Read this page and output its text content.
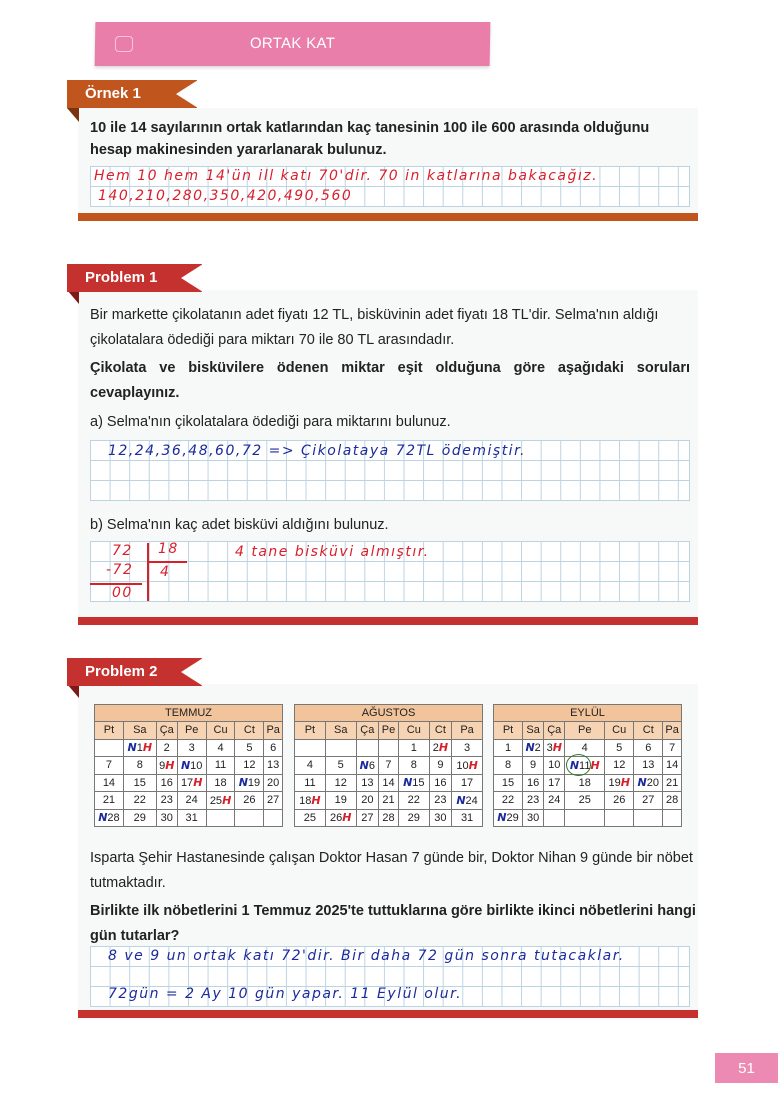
ORTAK KAT
Örnek 1
10 ile 14 sayılarının ortak katlarından kaç tanesinin 100 ile 600 arasında olduğunu hesap makinesinden yararlanarak bulunuz.
Hem 10 hem 14'ün ill katı 70'dir. 70 in katlarına bakacağız.
140,210,280,350,420,490,560
Problem 1
Bir markette çikolatanın adet fiyatı 12 TL, bisküvinin adet fiyatı 18 TL'dir. Selma'nın aldığı çikolatalara ödediği para miktarı 70 ile 80 TL arasındadır.
Çikolata ve bisküvilere ödenen miktar eşit olduğuna göre aşağıdaki soruları cevaplayınız.
a) Selma'nın çikolatalara ödediği para miktarını bulunuz.
12,24,36,48,60,72 => Çikolataya 72TL ödemiştir.
b) Selma'nın kaç adet bisküvi aldığını bulunuz.
72 18
-72 4
00
4 tane bisküvi almıştır.
Problem 2
TEMMUZ						
Pt	Sa	Ça	Pe	Cu	Ct	Pa
	N1H	2	3	4	5	6
7	8	9H	N10	11	12	13
14	15	16	17H	18	N19	20
21	22	23	24	25H	26	27
N28	29	30	31			
AĞUSTOS						
Pt	Sa	Ça	Pe	Cu	Ct	Pa
				1	2H	3
4	5	N6	7	8	9	10H
11	12	13	14	N15	16	17
18H	19	20	21	22	23	N24
25	26H	27	28	29	30	31
EYLÜL						
Pt	Sa	Ça	Pe	Cu	Ct	Pa
1	N2	3H	4	5	6	7
8	9	10	N11H	12	13	14
15	16	17	18	19H	N20	21
22	23	24	25	26	27	28
N29	30					
Isparta Şehir Hastanesinde çalışan Doktor Hasan 7 günde bir, Doktor Nihan 9 günde bir nöbet tutmaktadır.
Birlikte ilk nöbetlerini 1 Temmuz 2025'te tuttuklarına göre birlikte ikinci nöbetlerini hangi gün tutarlar?
8 ve 9 un ortak katı 72'dir. Bir daha 72 gün sonra tutacaklar.
72gün = 2 Ay 10 gün yapar. 11 Eylül olur.
51
